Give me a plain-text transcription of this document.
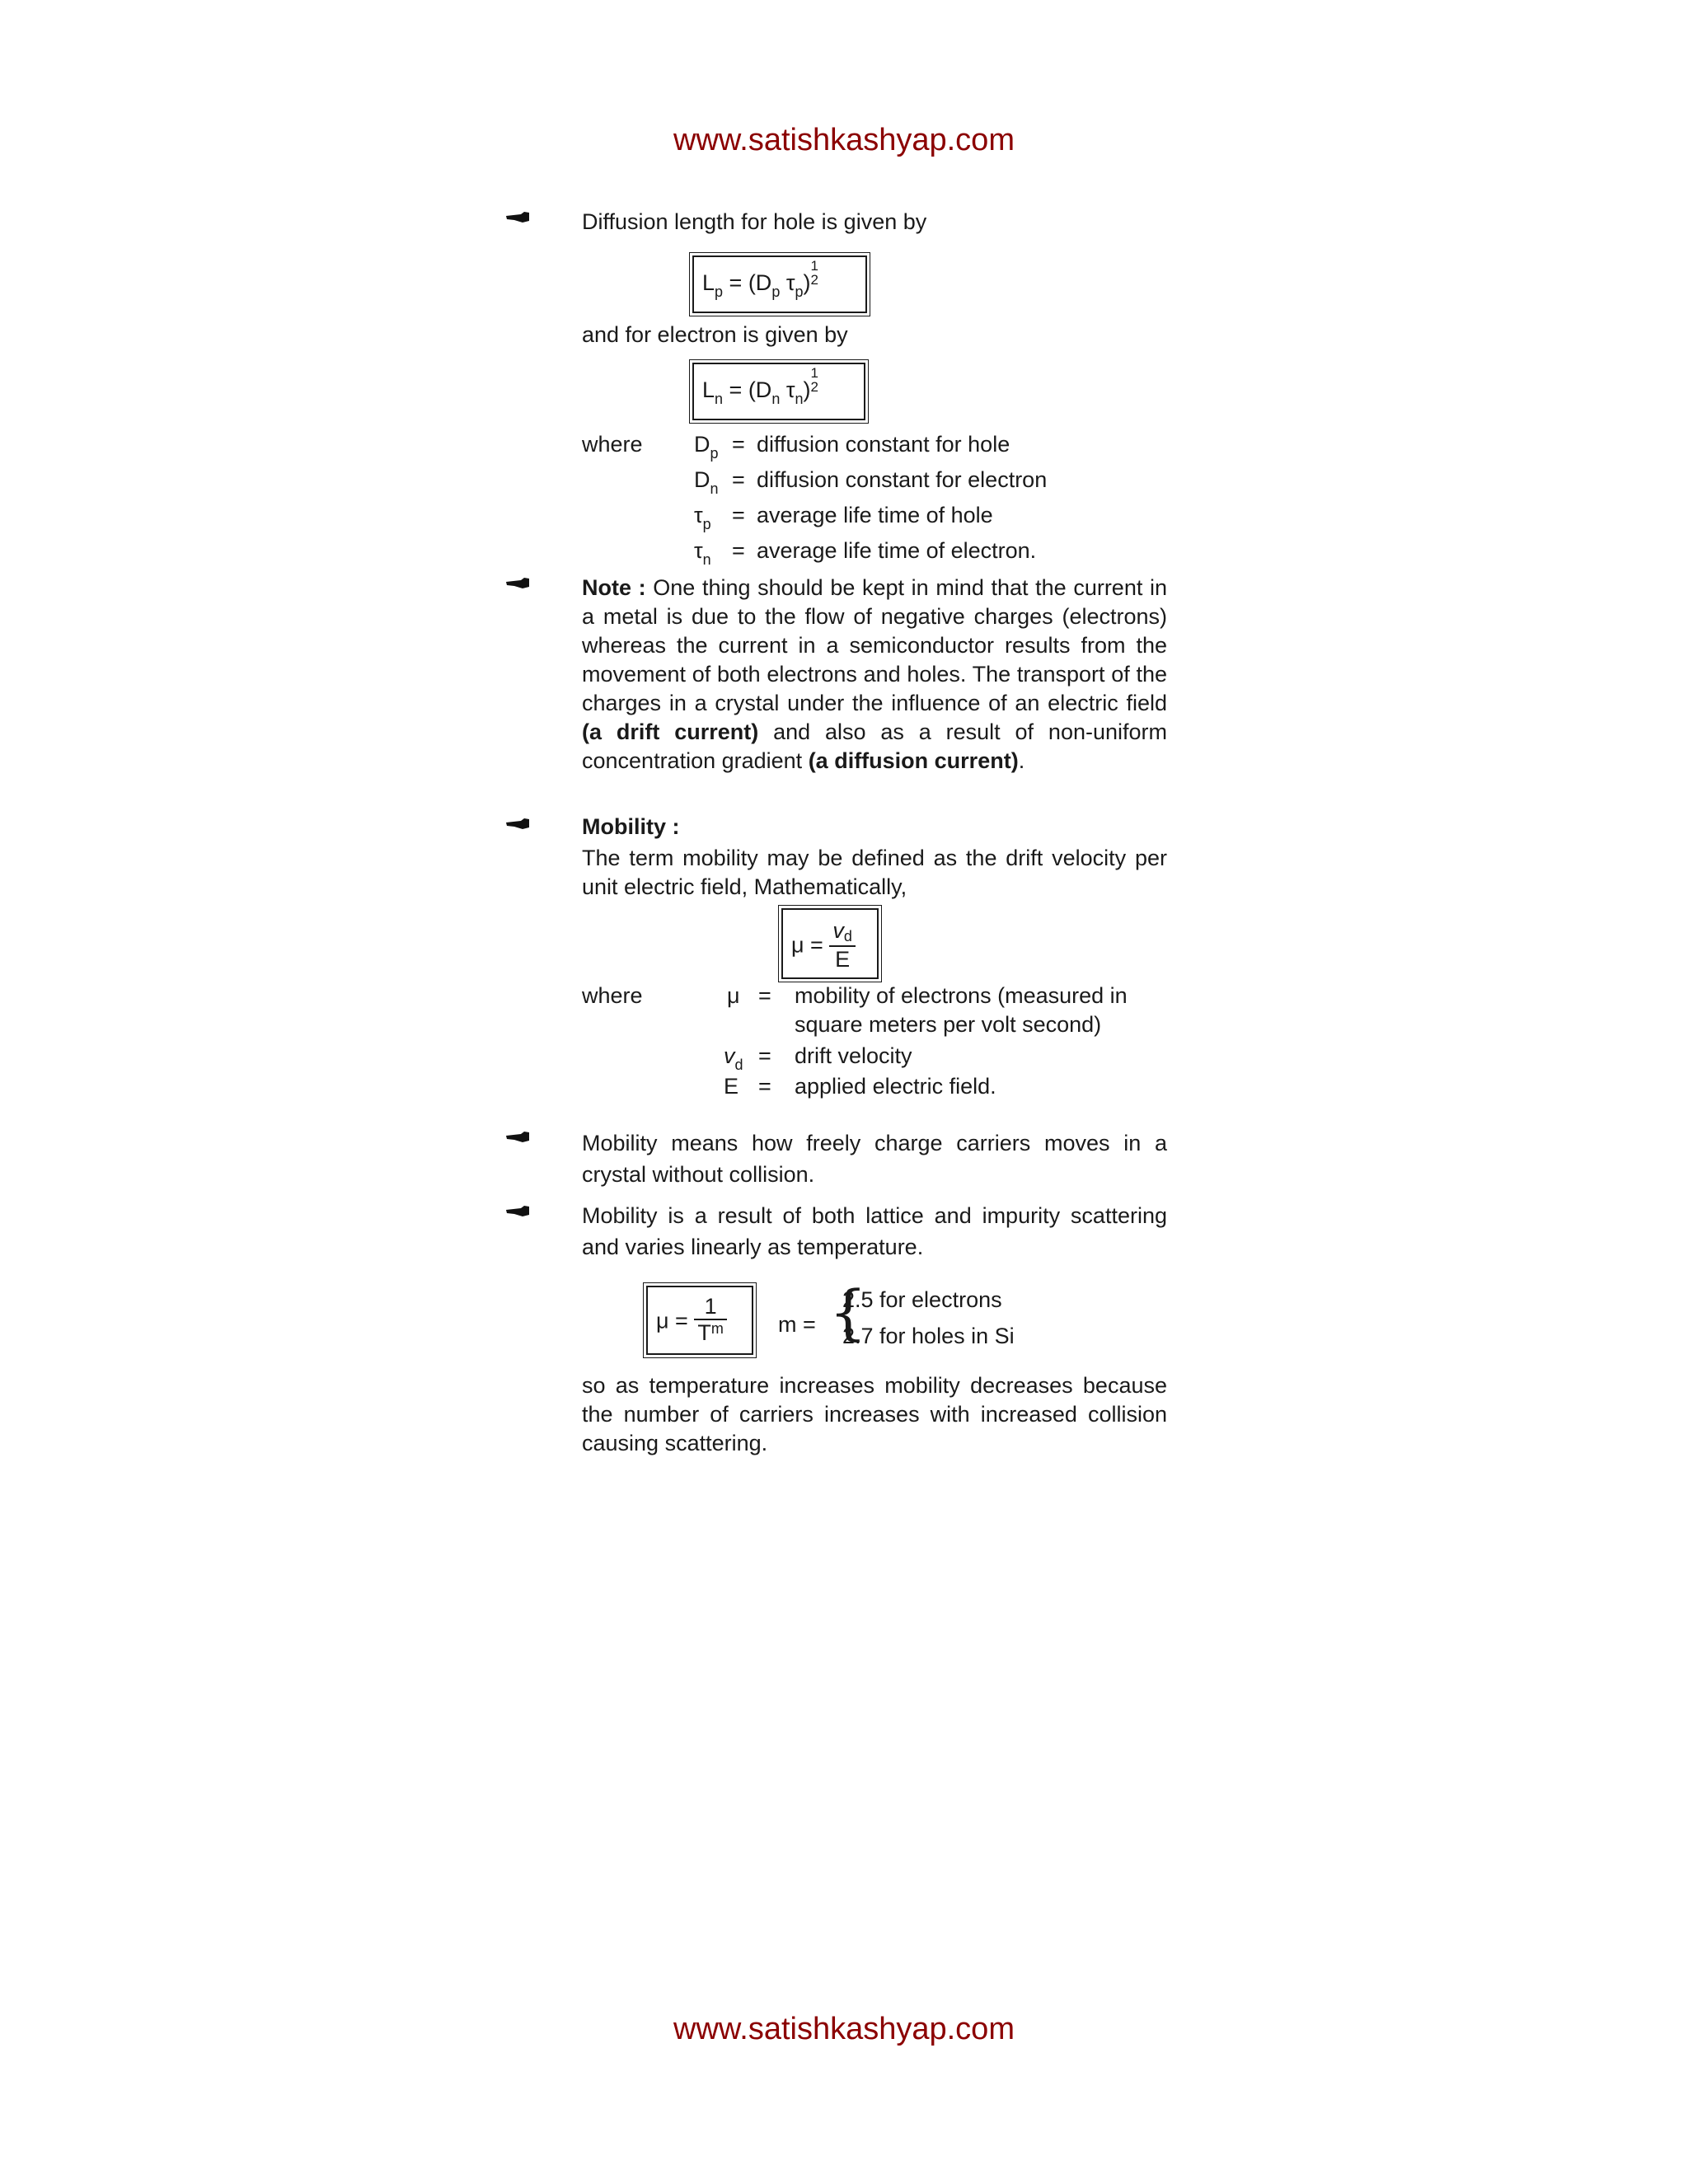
www.satishkashyap.com
Diffusion length for hole is given by
$L_p = (D_p$ $\tau_p$)
1
2
and for electron is given by
$L_n = (D_n$ $\tau_n$)
1
2
where $D_p$ = diffusion constant for hole
$D_n$ = diffusion constant for electron
$\tau_p$ = average life time of hole
$\tau_n$ = average life time of electron.
Note : One thing should be kept in mind that the current in a metal is due to the flow of negative charges (electrons) whereas the current in a semiconductor results from the movement of both electrons and holes. The transport of the charges in a crystal under the influence of an electric field (a drift current) and also as a result of non-uniform concentration gradient (a diffusion current).
Mobility :
The term mobility may be defined as the drift velocity per unit electric field, Mathematically,
$\mu = \frac{vd}{E}$
where	μ = mobility of electrons (measured in
square meters per volt second)
$v_d$ = drift velocity
E = applied electric field.
Mobility means how freely charge carriers moves in a crystal without collision.
Mobility is a result of both lattice and impurity scattering and varies linearly as temperature.
$\mu = \frac{1}{T^m}$ m = {
2.5 for electrons
2.7 for holes in Si
so as temperature increases mobility decreases because the number of carriers increases with increased collision causing scattering.
www.satishkashyap.com
